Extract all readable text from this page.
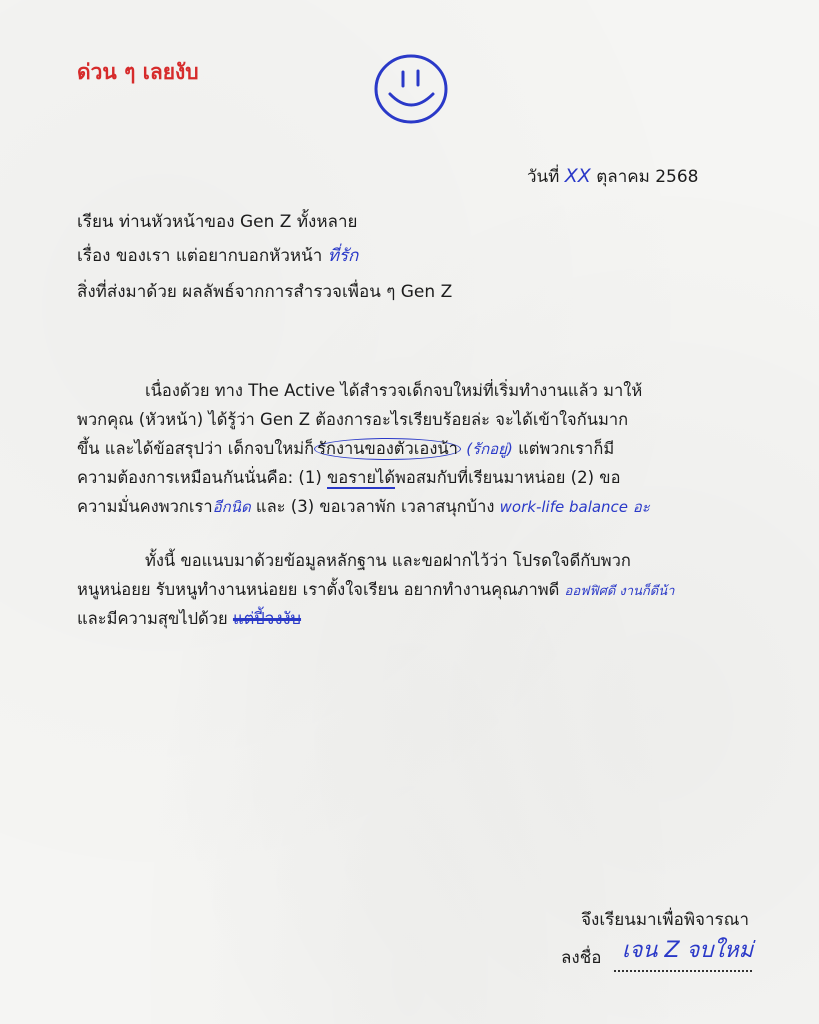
ด่วน ๆ เลยงับ
วันที่ XX ตุลาคม 2568
เรียน ท่านหัวหน้าของ Gen Z ทั้งหลาย
เรื่อง ของเรา แต่อยากบอกหัวหน้า ที่รัก
สิ่งที่ส่งมาด้วย ผลลัพธ์จากการสำรวจเพื่อน ๆ Gen Z
เนื่องด้วย ทาง The Active ได้สำรวจเด็กจบใหม่ที่เริ่มทำงานแล้ว มาให้
พวกคุณ (หัวหน้า) ได้รู้ว่า Gen Z ต้องการอะไรเรียบร้อยล่ะ จะได้เข้าใจกันมาก
ขึ้น และได้ข้อสรุปว่า เด็กจบใหม่ก็ รักงานของตัวเองน้า (รักอยู่) แต่พวกเราก็มี
ความต้องการเหมือนกันนั่นคือ: (1) ขอรายได้พอสมกับที่เรียนมาหน่อย (2) ขอ
ความมั่นคงพวกเราอีกนิด และ (3) ขอเวลาพัก เวลาสนุกบ้าง work-life balance อะ
ทั้งนี้ ขอแนบมาด้วยข้อมูลหลักฐาน และขอฝากไว้ว่า โปรดใจดีกับพวก
หนูหน่อยย รับหนูทำงานหน่อยย เราตั้งใจเรียน อยากทำงานคุณภาพดี ออฟฟิศดี งานก็ดีน้า
และมีความสุขไปด้วย แต่ปี้จงงับ
จึงเรียนมาเพื่อพิจารณา
ลงชื่อ เจน Z จบใหม่
